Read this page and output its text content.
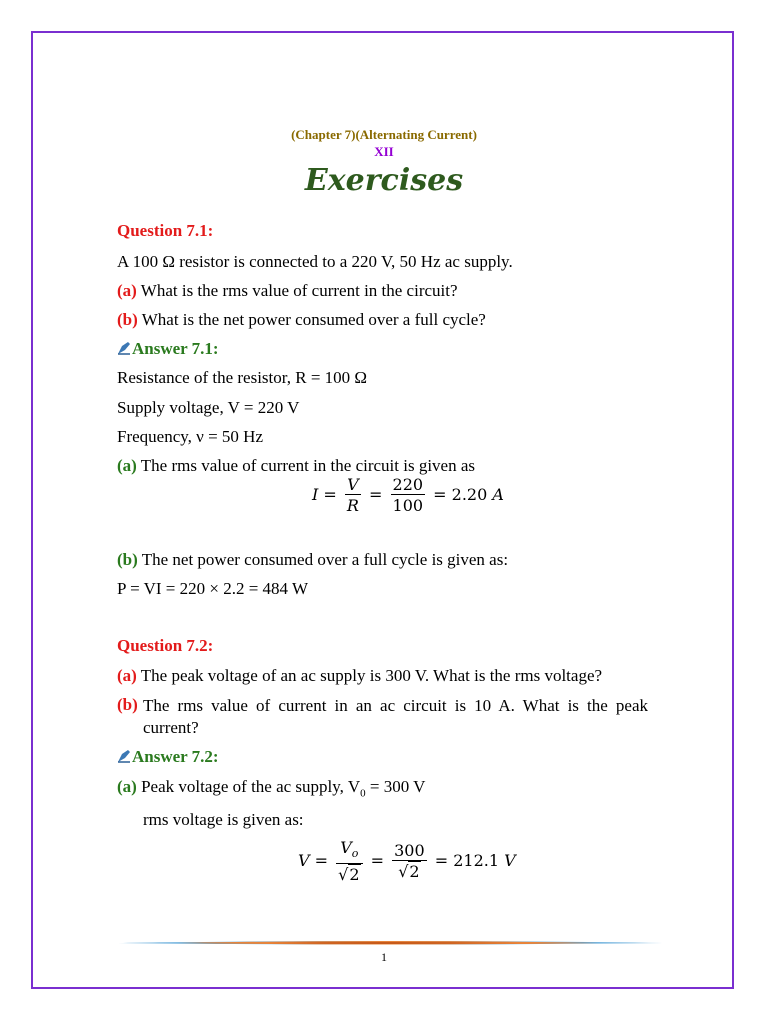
(Chapter 7)(Alternating Current)
XII
Exercises
Question 7.1:
A 100 Ω resistor is connected to a 220 V, 50 Hz ac supply.
(a) What is the rms value of current in the circuit?
(b) What is the net power consumed over a full cycle?
Answer 7.1:
Resistance of the resistor, R = 100 Ω
Supply voltage, V = 220 V
Frequency, ν = 50 Hz
(a) The rms value of current in the circuit is given as
$I = \frac{V}{R} = \frac{220}{100} = 2.20$ A
(b) The net power consumed over a full cycle is given as:
P = VI = 220 × 2.2 = 484 W
Question 7.2:
(a) The peak voltage of an ac supply is 300 V. What is the rms voltage?
(b) The rms value of current in an ac circuit is 10 A. What is the peak current?
Answer 7.2:
(a) Peak voltage of the ac supply, $V_0 = 300$ V
rms voltage is given as:
$V = \frac{V_o}{√2} = \frac{300}{√2} = 212.1$ V
1
